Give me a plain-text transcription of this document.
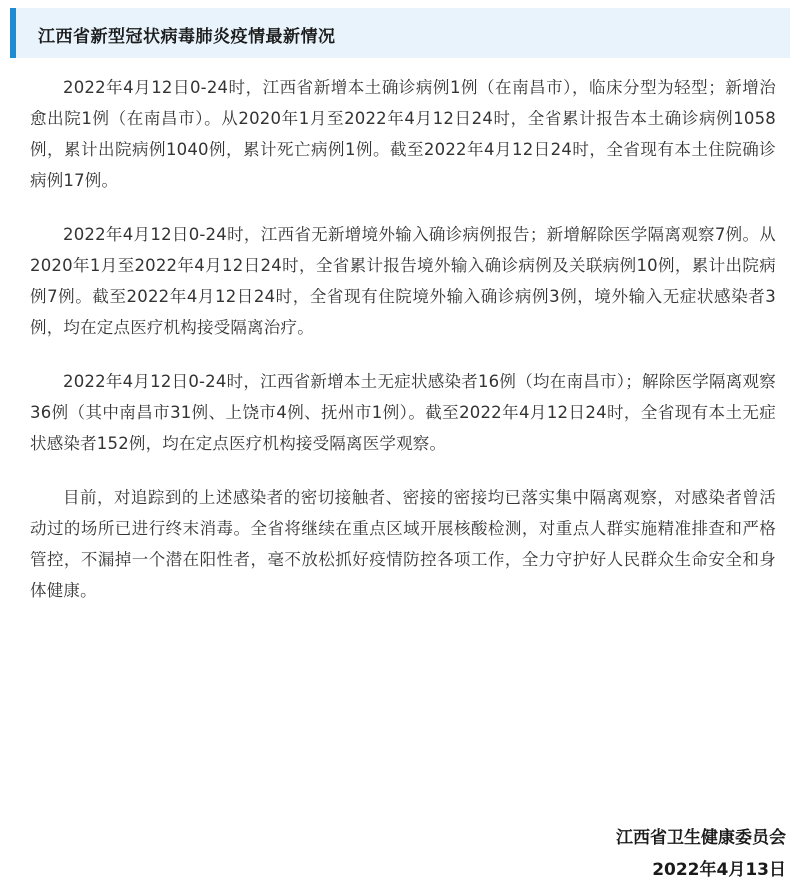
江西省新型冠状病毒肺炎疫情最新情况

2022年4月12日0-24时，江西省新增本土确诊病例1例（在南昌市），临床分型为轻型；新增治愈出院1例（在南昌市）。从2020年1月至2022年4月12日24时，全省累计报告本土确诊病例1058例，累计出院病例1040例，累计死亡病例1例。截至2022年4月12日24时，全省现有本土住院确诊病例17例。

2022年4月12日0-24时，江西省无新增境外输入确诊病例报告；新增解除医学隔离观察7例。从2020年1月至2022年4月12日24时，全省累计报告境外输入确诊病例及关联病例10例，累计出院病例7例。截至2022年4月12日24时，全省现有住院境外输入确诊病例3例，境外输入无症状感染者3例，均在定点医疗机构接受隔离治疗。

2022年4月12日0-24时，江西省新增本土无症状感染者16例（均在南昌市）；解除医学隔离观察36例（其中南昌市31例、上饶市4例、抚州市1例）。截至2022年4月12日24时，全省现有本土无症状感染者152例，均在定点医疗机构接受隔离医学观察。

目前，对追踪到的上述感染者的密切接触者、密接的密接均已落实集中隔离观察，对感染者曾活动过的场所已进行终末消毒。全省将继续在重点区域开展核酸检测，对重点人群实施精准排查和严格管控，不漏掉一个潜在阳性者，毫不放松抓好疫情防控各项工作，全力守护好人民群众生命安全和身体健康。

江西省卫生健康委员会
2022年4月13日
